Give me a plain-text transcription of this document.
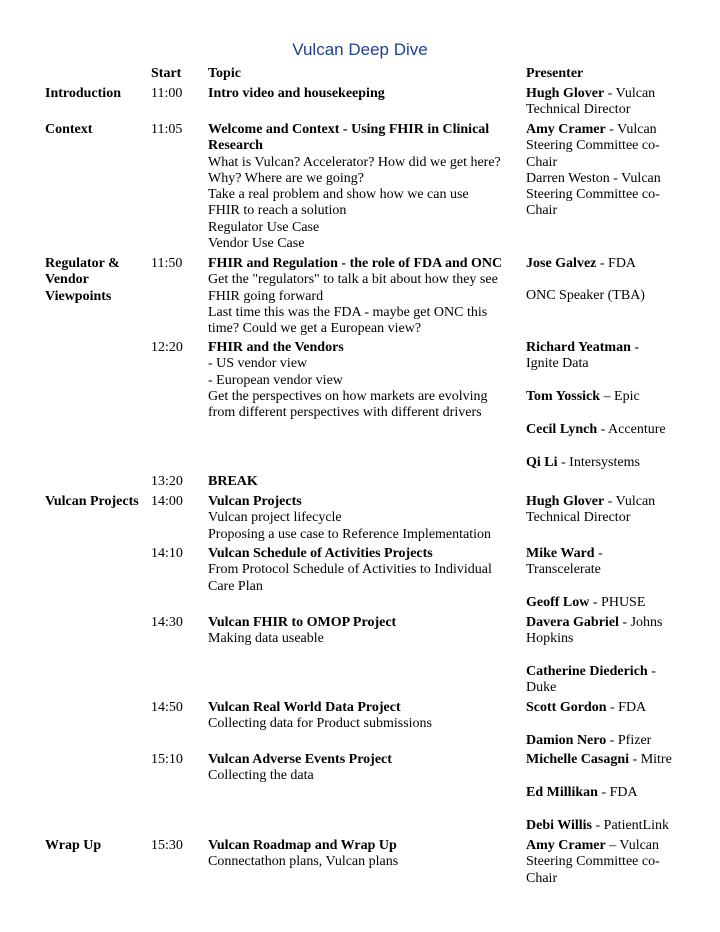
Vulcan Deep Dive
Start Topic	Presenter
Introduction
Context
Regulator &
Vendor
Viewpoints
Vulcan Projects
Wrap Up
11:00
11:05
11:50
12:20
13:20
14:00
14:10
14:30
14:50
15:10
15:30
Intro video and housekeeping
Welcome and Context - Using FHIR in Clinical
Research
What is Vulcan? Accelerator? How did we get here?
Why? Where are we going?
Take a real problem and show how we can use
FHIR to reach a solution
Regulator Use Case
Vendor Use Case
FHIR and Regulation - the role of FDA and ONC
Get the "regulators" to talk a bit about how they see
FHIR going forward
Last time this was the FDA - maybe get ONC this
time? Could we get a European view?
FHIR and the Vendors
- US vendor view
- European vendor view
Get the perspectives on how markets are evolving
from different perspectives with different drivers
BREAK
Vulcan Projects
Vulcan project lifecycle
Proposing a use case to Reference Implementation
Vulcan Schedule of Activities Projects
From Protocol Schedule of Activities to Individual
Care Plan
Vulcan FHIR to OMOP Project
Making data useable
Vulcan Real World Data Project
Collecting data for Product submissions
Vulcan Adverse Events Project
Collecting the data
Vulcan Roadmap and Wrap Up
Connectathon plans, Vulcan plans
Hugh Glover - Vulcan
Technical Director
Amy Cramer - Vulcan
Steering Committee co-
Chair
Darren Weston - Vulcan
Steering Committee co-
Chair
Jose Galvez - FDA
ONC Speaker (TBA)
Richard Yeatman -
Ignite Data
Tom Yossick – Epic
Cecil Lynch - Accenture
Qi Li - Intersystems
Hugh Glover - Vulcan
Technical Director
Mike Ward -
Transcelerate
Geoff Low - PHUSE
Davera Gabriel - Johns
Hopkins
Catherine Diederich -
Duke
Scott Gordon - FDA
Damion Nero - Pfizer
Michelle Casagni - Mitre
Ed Millikan - FDA
Debi Willis - PatientLink
Amy Cramer – Vulcan
Steering Committee co-
Chair
